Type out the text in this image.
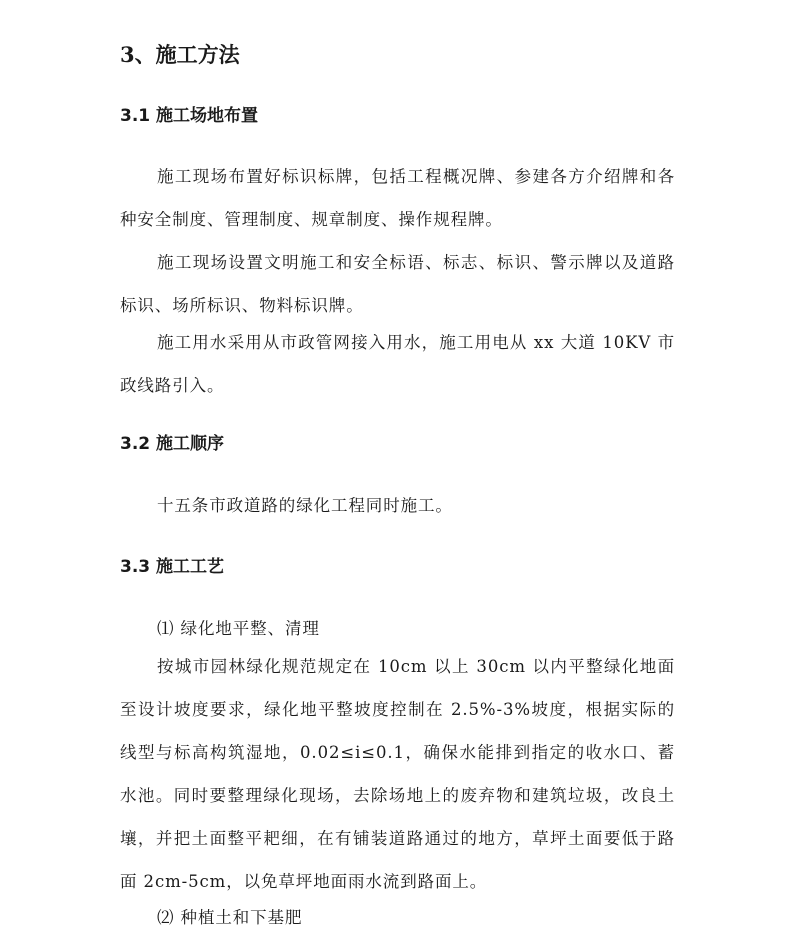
3、施工方法
3.1 施工场地布置

施工现场布置好标识标牌，包括工程概况牌、参建各方介绍牌和各种安全制度、管理制度、规章制度、操作规程牌。

施工现场设置文明施工和安全标语、标志、标识、警示牌以及道路标识、场所标识、物料标识牌。

施工用水采用从市政管网接入用水，施工用电从 xx 大道 10KV 市政线路引入。

3.2 施工顺序

十五条市政道路的绿化工程同时施工。

3.3 施工工艺

⑴ 绿化地平整、清理

按城市园林绿化规范规定在 10cm 以上 30cm 以内平整绿化地面至设计坡度要求，绿化地平整坡度控制在 2.5%-3%坡度，根据实际的线型与标高构筑湿地，0.02≤i≤0.1，确保水能排到指定的收水口、蓄水池。同时要整理绿化现场，去除场地上的废弃物和建筑垃圾，改良土壤，并把土面整平耙细，在有铺装道路通过的地方，草坪土面要低于路面 2cm-5cm，以免草坪地面雨水流到路面上。

⑵ 种植土和下基肥
